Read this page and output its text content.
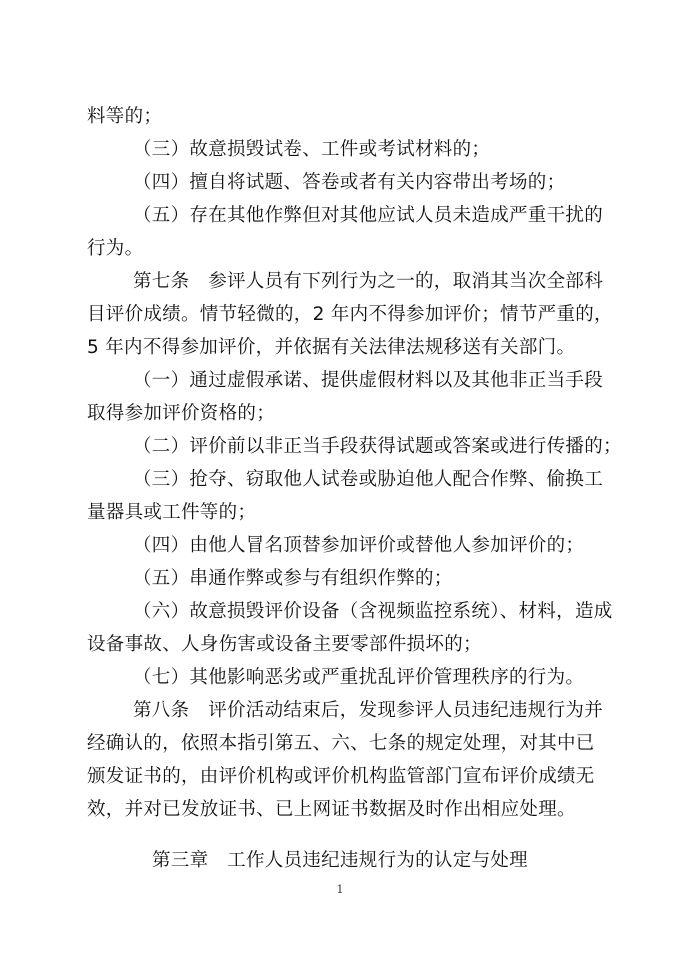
料等的；
（三）故意损毁试卷、工件或考试材料的；
（四）擅自将试题、答卷或者有关内容带出考场的；
（五）存在其他作弊但对其他应试人员未造成严重干扰的
行为。
第七条　参评人员有下列行为之一的，取消其当次全部科
目评价成绩。情节轻微的，2 年内不得参加评价；情节严重的，
5 年内不得参加评价，并依据有关法律法规移送有关部门。
（一）通过虚假承诺、提供虚假材料以及其他非正当手段
取得参加评价资格的；
（二）评价前以非正当手段获得试题或答案或进行传播的；
（三）抢夺、窃取他人试卷或胁迫他人配合作弊、偷换工
量器具或工件等的；
（四）由他人冒名顶替参加评价或替他人参加评价的；
（五）串通作弊或参与有组织作弊的；
（六）故意损毁评价设备（含视频监控系统）、材料，造成
设备事故、人身伤害或设备主要零部件损坏的；
（七）其他影响恶劣或严重扰乱评价管理秩序的行为。
第八条　评价活动结束后，发现参评人员违纪违规行为并
经确认的，依照本指引第五、六、七条的规定处理，对其中已
颁发证书的，由评价机构或评价机构监管部门宣布评价成绩无
效，并对已发放证书、已上网证书数据及时作出相应处理。
第三章　工作人员违纪违规行为的认定与处理
1
